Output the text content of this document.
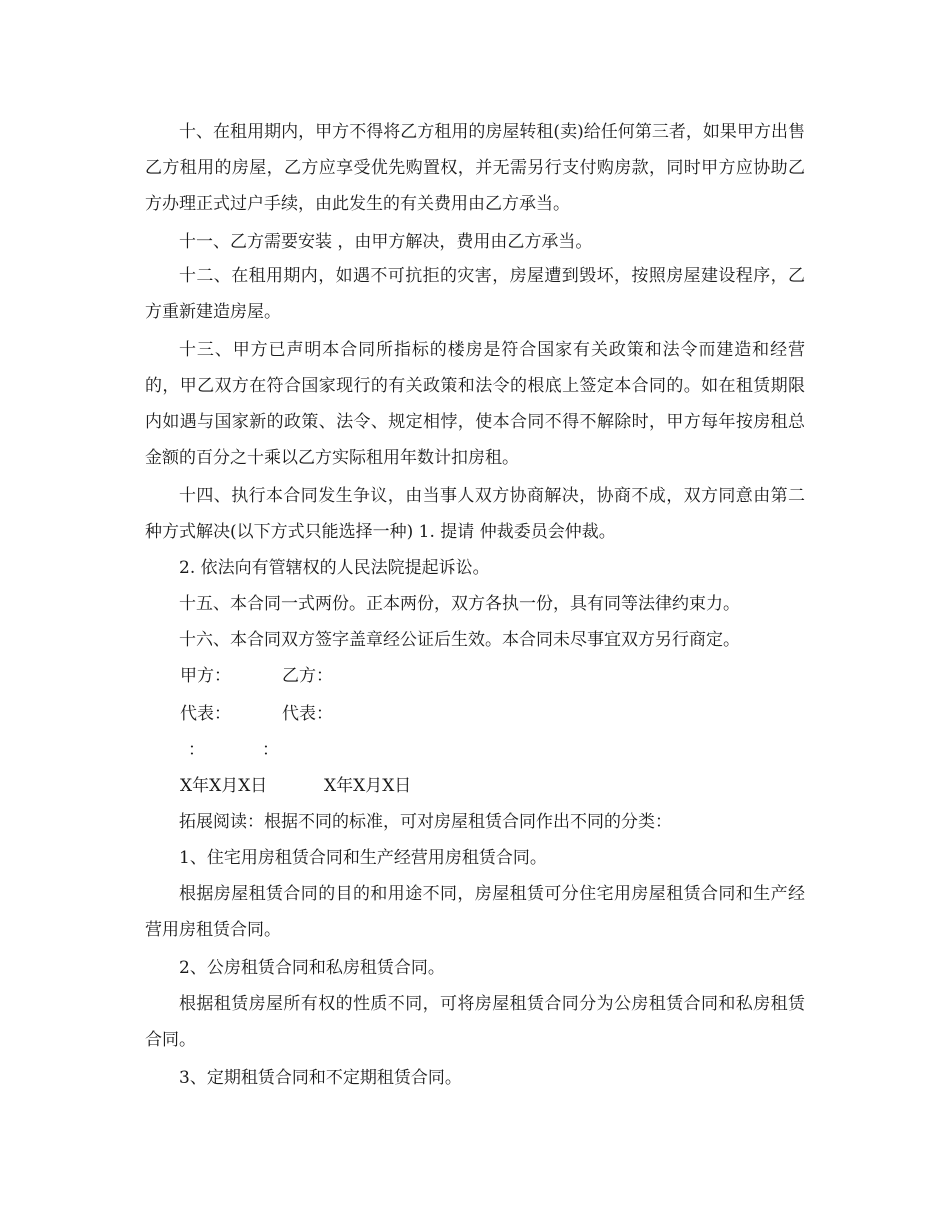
十、在租用期内，甲方不得将乙方租用的房屋转租(卖)给任何第三者，如果甲方出售乙方租用的房屋，乙方应享受优先购置权，并无需另行支付购房款，同时甲方应协助乙方办理正式过户手续，由此发生的有关费用由乙方承当。

十一、乙方需要安装 ，由甲方解决，费用由乙方承当。

十二、在租用期内，如遇不可抗拒的灾害，房屋遭到毁坏，按照房屋建设程序，乙方重新建造房屋。

十三、甲方已声明本合同所指标的楼房是符合国家有关政策和法令而建造和经营的，甲乙双方在符合国家现行的有关政策和法令的根底上签定本合同的。如在租赁期限内如遇与国家新的政策、法令、规定相悖，使本合同不得不解除时，甲方每年按房租总金额的百分之十乘以乙方实际租用年数计扣房租。

十四、执行本合同发生争议，由当事人双方协商解决，协商不成，双方同意由第二种方式解决(以下方式只能选择一种) 1. 提请 仲裁委员会仲裁。

2. 依法向有管辖权的人民法院提起诉讼。

十五、本合同一式两份。正本两份，双方各执一份，具有同等法律约束力。

十六、本合同双方签字盖章经公证后生效。本合同未尽事宜双方另行商定。

甲方：	乙方：

代表：	代表：

：	：

X年X月X日	X年X月X日

拓展阅读：根据不同的标准，可对房屋租赁合同作出不同的分类：

1、住宅用房租赁合同和生产经营用房租赁合同。

根据房屋租赁合同的目的和用途不同，房屋租赁可分住宅用房屋租赁合同和生产经营用房租赁合同。

2、公房租赁合同和私房租赁合同。

根据租赁房屋所有权的性质不同，可将房屋租赁合同分为公房租赁合同和私房租赁合同。

3、定期租赁合同和不定期租赁合同。
